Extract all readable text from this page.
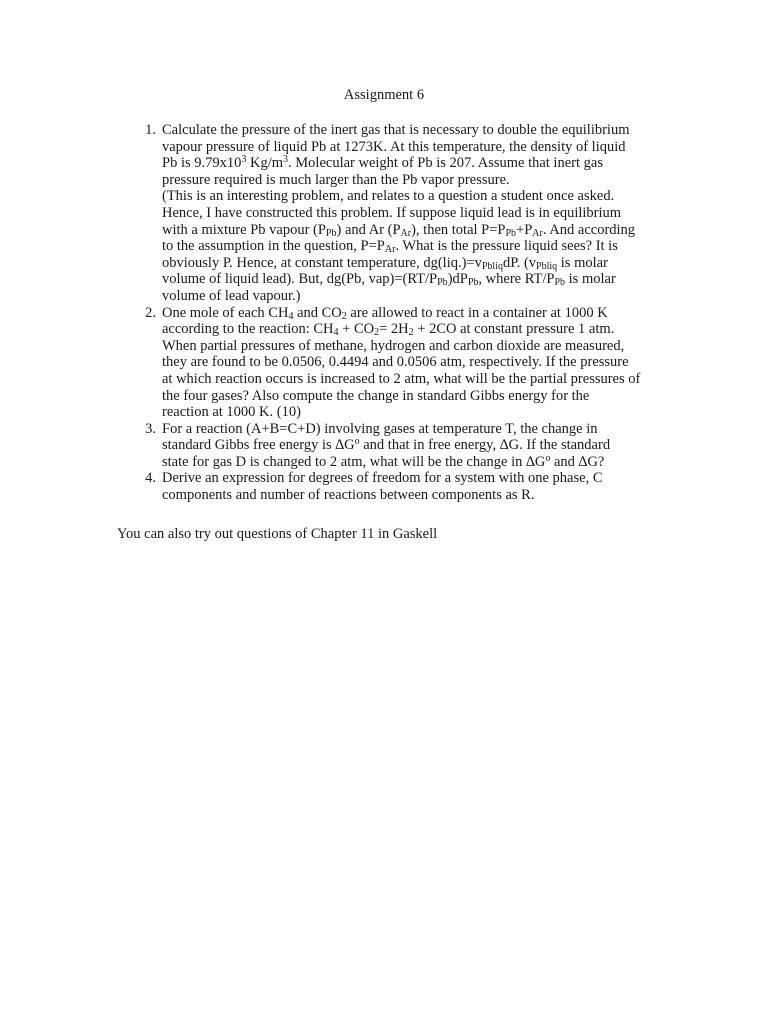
Assignment 6
1. Calculate the pressure of the inert gas that is necessary to double the equilibrium
vapour pressure of liquid Pb at 1273K. At this temperature, the density of liquid
Pb is $9.79x10^3$ $Kg/m^3$. Molecular weight of Pb is 207. Assume that inert gas
pressure required is much larger than the Pb vapor pressure.
(This is an interesting problem, and relates to a question a student once asked.
Hence, I have constructed this problem. If suppose liquid lead is in equilibrium
with a mixture Pb vapour $(P_{Pb})$ and Ar $(P_{Ar})$, then total $P=P_{Pb}+P_{Ar}$. And according
to the assumption in the question, $P=P_{Ar}$. What is the pressure liquid sees? It is
obviously P. Hence, at constant temperature, $dg(liq.)=v_{Pbliq}dP$. ($v_{Pbliq}$ is molar
volume of liquid lead). But, dg(Pb, $vap)=(RT/P_{Pb})dP_{Pb}$, where $RT/P_{Pb}$ is molar
volume of lead vapour.)
2. One mole of each $CH_4$ and $CO_2$ are allowed to react in a container at 1000 K
according to the reaction: $CH_4 + CO_2= 2H_2 + 2CO$ at constant pressure 1 atm.
When partial pressures of methane, hydrogen and carbon dioxide are measured,
they are found to be 0.0506, 0.4494 and 0.0506 atm, respectively. If the pressure
at which reaction occurs is increased to 2 atm, what will be the partial pressures of
the four gases? Also compute the change in standard Gibbs energy for the
reaction at 1000 K. (10)
3. For a reaction (A+B=C+D) involving gases at temperature T, the change in
standard Gibbs free energy is $\Delta G^o$ and that in free energy, ∆G. If the standard
state for gas D is changed to 2 atm, what will be the change in $\Delta G^o$ and ∆G?
4. Derive an expression for degrees of freedom for a system with one phase, C
components and number of reactions between components as R.
You can also try out questions of Chapter 11 in Gaskell
